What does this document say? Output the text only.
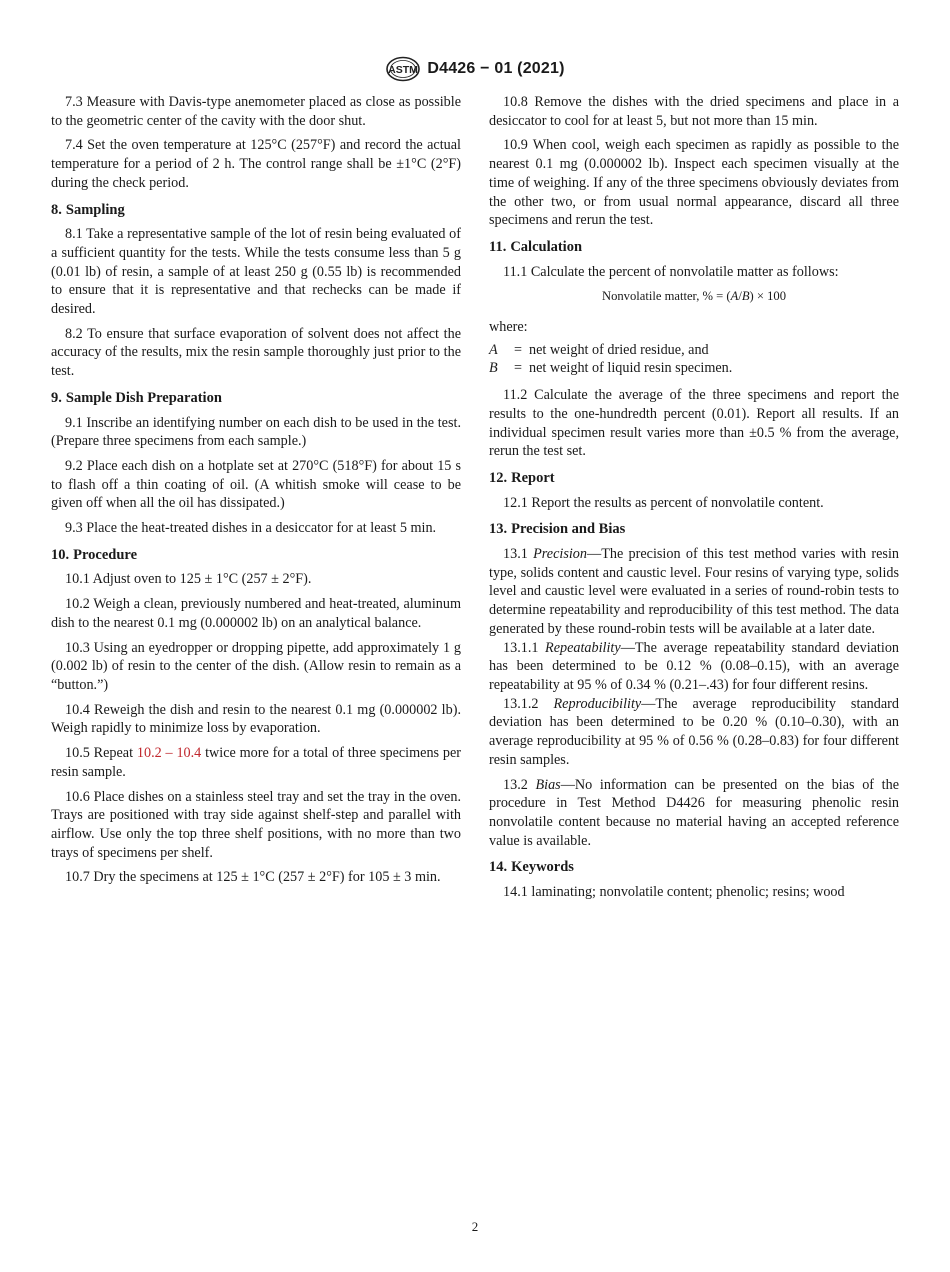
ASTM D4426 − 01 (2021)

7.3 Measure with Davis-type anemometer placed as close as possible to the geometric center of the cavity with the door shut.

7.4 Set the oven temperature at 125°C (257°F) and record the actual temperature for a period of 2 h. The control range shall be ±1°C (2°F) during the check period.

8. Sampling

8.1 Take a representative sample of the lot of resin being evaluated of a sufficient quantity for the tests. While the tests consume less than 5 g (0.01 lb) of resin, a sample of at least 250 g (0.55 lb) is recommended to ensure that it is representative and that rechecks can be made if desired.

8.2 To ensure that surface evaporation of solvent does not affect the accuracy of the results, mix the resin sample thoroughly just prior to the test.

9. Sample Dish Preparation

9.1 Inscribe an identifying number on each dish to be used in the test. (Prepare three specimens from each sample.)

9.2 Place each dish on a hotplate set at 270°C (518°F) for about 15 s to flash off a thin coating of oil. (A whitish smoke will cease to be given off when all the oil has dissipated.)

9.3 Place the heat-treated dishes in a desiccator for at least 5 min.

10. Procedure

10.1 Adjust oven to 125 ± 1°C (257 ± 2°F).

10.2 Weigh a clean, previously numbered and heat-treated, aluminum dish to the nearest 0.1 mg (0.000002 lb) on an analytical balance.

10.3 Using an eyedropper or dropping pipette, add approximately 1 g (0.002 lb) of resin to the center of the dish. (Allow resin to remain as a “button.”)

10.4 Reweigh the dish and resin to the nearest 0.1 mg (0.000002 lb). Weigh rapidly to minimize loss by evaporation.

10.5 Repeat 10.2 – 10.4 twice more for a total of three specimens per resin sample.

10.6 Place dishes on a stainless steel tray and set the tray in the oven. Trays are positioned with tray side against shelf-step and parallel with airflow. Use only the top three shelf positions, with no more than two trays of specimens per shelf.

10.7 Dry the specimens at 125 ± 1°C (257 ± 2°F) for 105 ± 3 min.

10.8 Remove the dishes with the dried specimens and place in a desiccator to cool for at least 5, but not more than 15 min.

10.9 When cool, weigh each specimen as rapidly as possible to the nearest 0.1 mg (0.000002 lb). Inspect each specimen visually at the time of weighing. If any of the three specimens obviously deviates from the other two, or from usual normal appearance, discard all three specimens and rerun the test.

11. Calculation

11.1 Calculate the percent of nonvolatile matter as follows:

Nonvolatile matter, % = (A/B) × 100
where:
A	= net weight of dried residue, and
B	= net weight of liquid resin specimen.

11.2 Calculate the average of the three specimens and report the results to the one-hundredth percent (0.01). Report all results. If an individual specimen result varies more than ±0.5 % from the average, rerun the test set.

12. Report

12.1 Report the results as percent of nonvolatile content.

13. Precision and Bias

13.1 Precision—The precision of this test method varies with resin type, solids content and caustic level. Four resins of varying type, solids level and caustic level were evaluated in a series of round-robin tests to determine repeatability and reproducibility of this test method. The data generated by these round-robin tests will be available at a later date.

13.1.1 Repeatability—The average repeatability standard deviation has been determined to be 0.12 % (0.08–0.15), with an average repeatability at 95 % of 0.34 % (0.21–.43) for four different resins.

13.1.2 Reproducibility—The average reproducibility standard deviation has been determined to be 0.20 % (0.10–0.30), with an average reproducibility at 95 % of 0.56 % (0.28–0.83) for four different resin samples.

13.2 Bias—No information can be presented on the bias of the procedure in Test Method D4426 for measuring phenolic resin nonvolatile content because no material having an accepted reference value is available.

14. Keywords

14.1 laminating; nonvolatile content; phenolic; resins; wood

2
